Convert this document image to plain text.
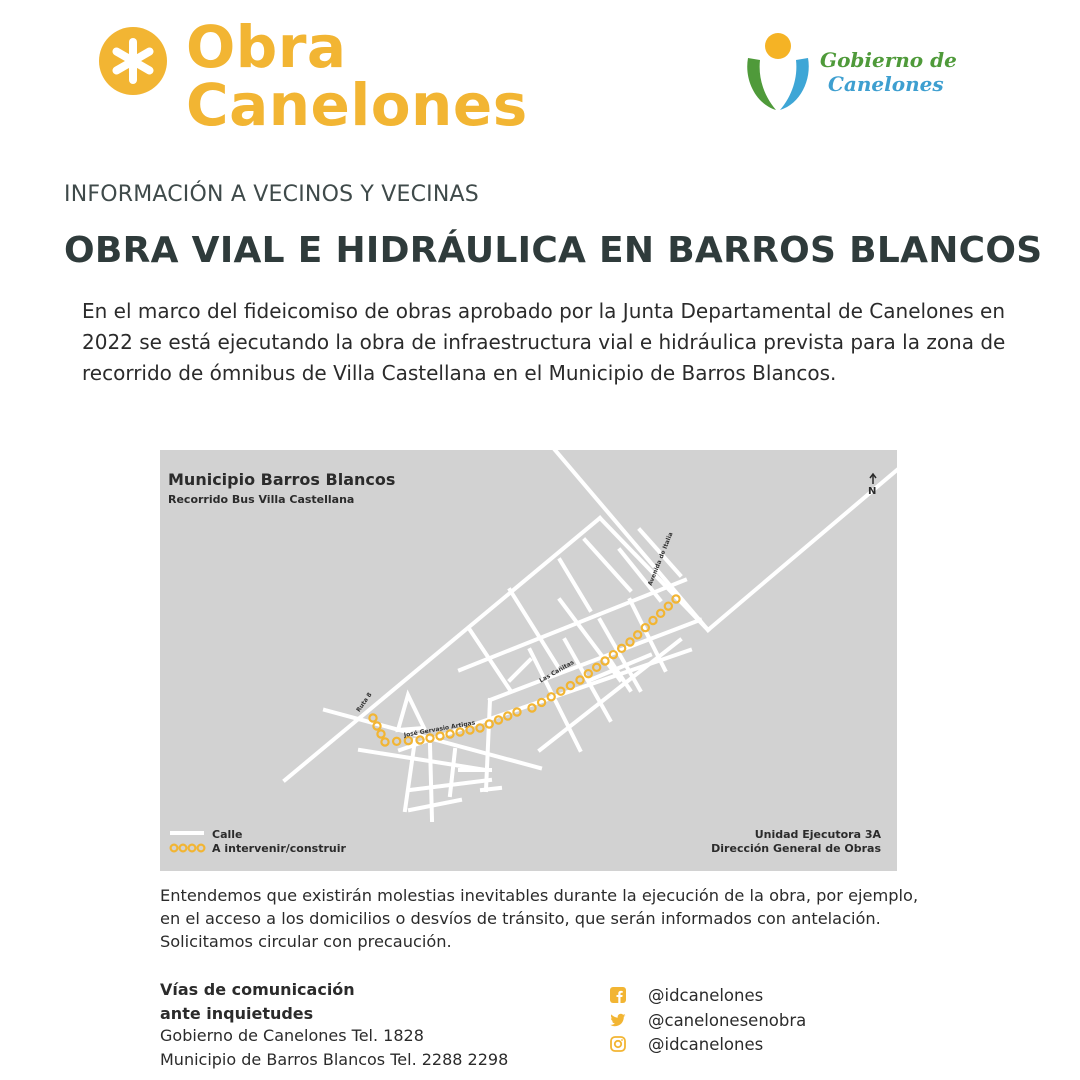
Obra
Canelones
Gobierno de
Canelones
INFORMACIÓN A VECINOS Y VECINAS
OBRA VIAL E HIDRÁULICA EN BARROS BLANCOS
En el marco del fideicomiso de obras aprobado por la Junta Departamental de Canelones en 2022 se está ejecutando la obra de infraestructura vial e hidráulica prevista para la zona de recorrido de ómnibus de Villa Castellana en el Municipio de Barros Blancos.
Municipio Barros Blancos
Recorrido Bus Villa Castellana
N
Ruta 8
José Gervasio Artigas
Las Cañitas
Avenida de Italia
Calle
A intervenir/construir
Unidad Ejecutora 3A
Dirección General de Obras
Entendemos que existirán molestias inevitables durante la ejecución de la obra, por ejemplo, en el acceso a los domicilios o desvíos de tránsito, que serán informados con antelación. Solicitamos circular con precaución.
Vías de comunicación
ante inquietudes
Gobierno de Canelones Tel. 1828
Municipio de Barros Blancos Tel. 2288 2298
@idcanelones
@canelonesenobra
@idcanelones
